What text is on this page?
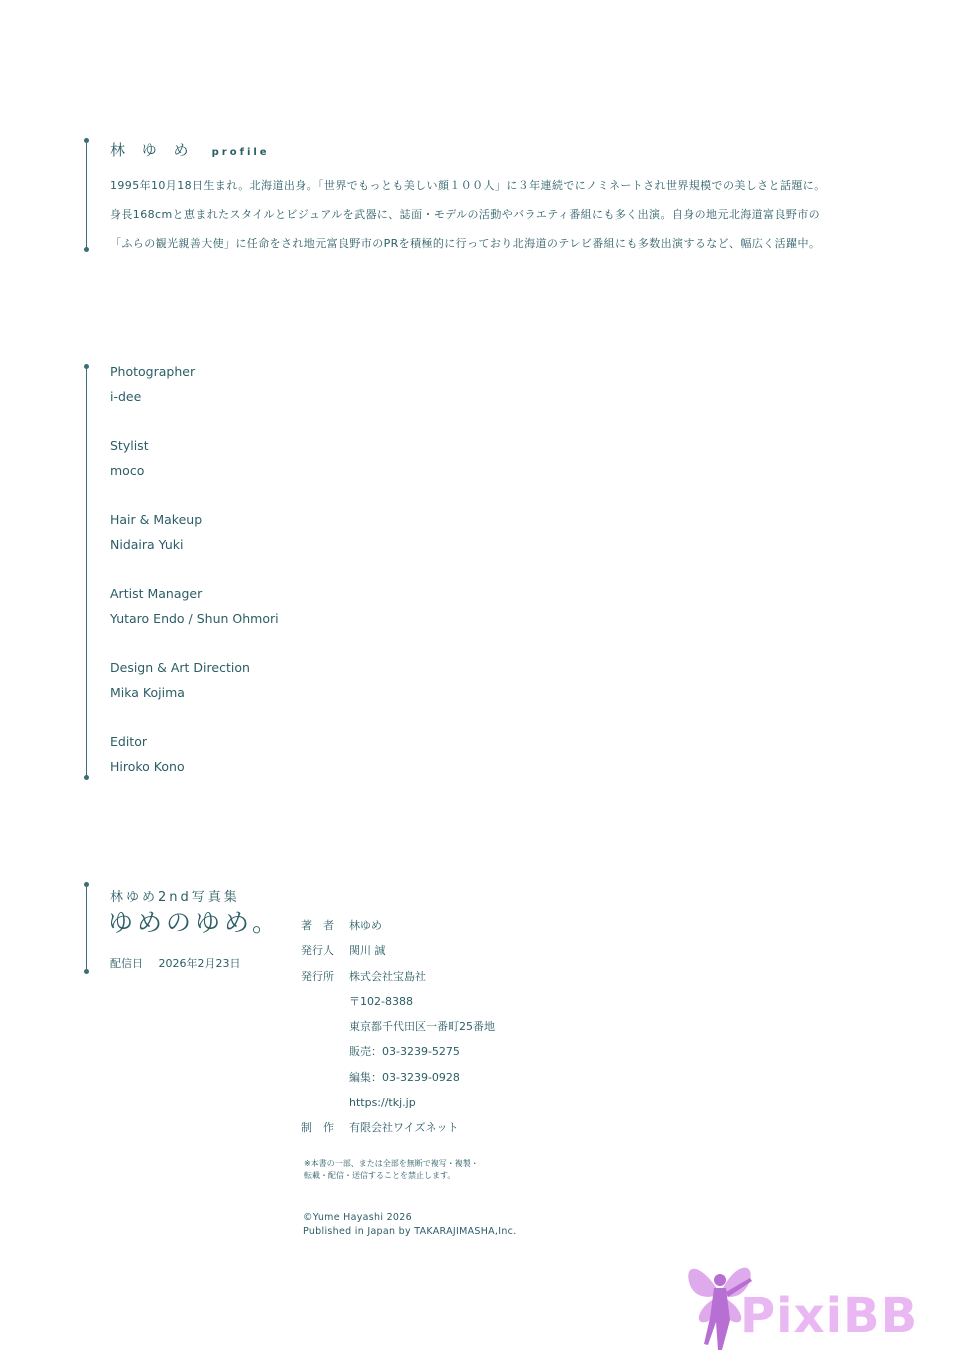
林 ゆ め profile

1995年10月18日生まれ。北海道出身。「世界でもっとも美しい顔１００人」に３年連続でにノミネートされ世界規模での美しさと話題に。

身長168cmと恵まれたスタイルとビジュアルを武器に、誌面・モデルの活動やバラエティ番組にも多く出演。自身の地元北海道富良野市の

「ふらの観光親善大使」に任命をされ地元富良野市のPRを積極的に行っており北海道のテレビ番組にも多数出演するなど、幅広く活躍中。

Photographer
i-dee
Stylist
moco
Hair & Makeup
Nidaira Yuki
Artist Manager
Yutaro Endo / Shun Ohmori
Design & Art Direction
Mika Kojima
Editor
Hiroko Kono
林ゆめ2nd写真集
ゆめのゆめ。
配信日 2026年2月23日
著　者 林ゆめ
発行人 関川 誠
発行所 株式会社宝島社
〒102-8388
東京都千代田区一番町25番地
販売：03-3239-5275
編集：03-3239-0928
https://tkj.jp
制　作 有限会社ワイズネット
※本書の一部、または全部を無断で複写・複製・
転載・配信・送信することを禁止します。
©Yume Hayashi 2026
Published in Japan by TAKARAJIMASHA,Inc.
PixiBB
